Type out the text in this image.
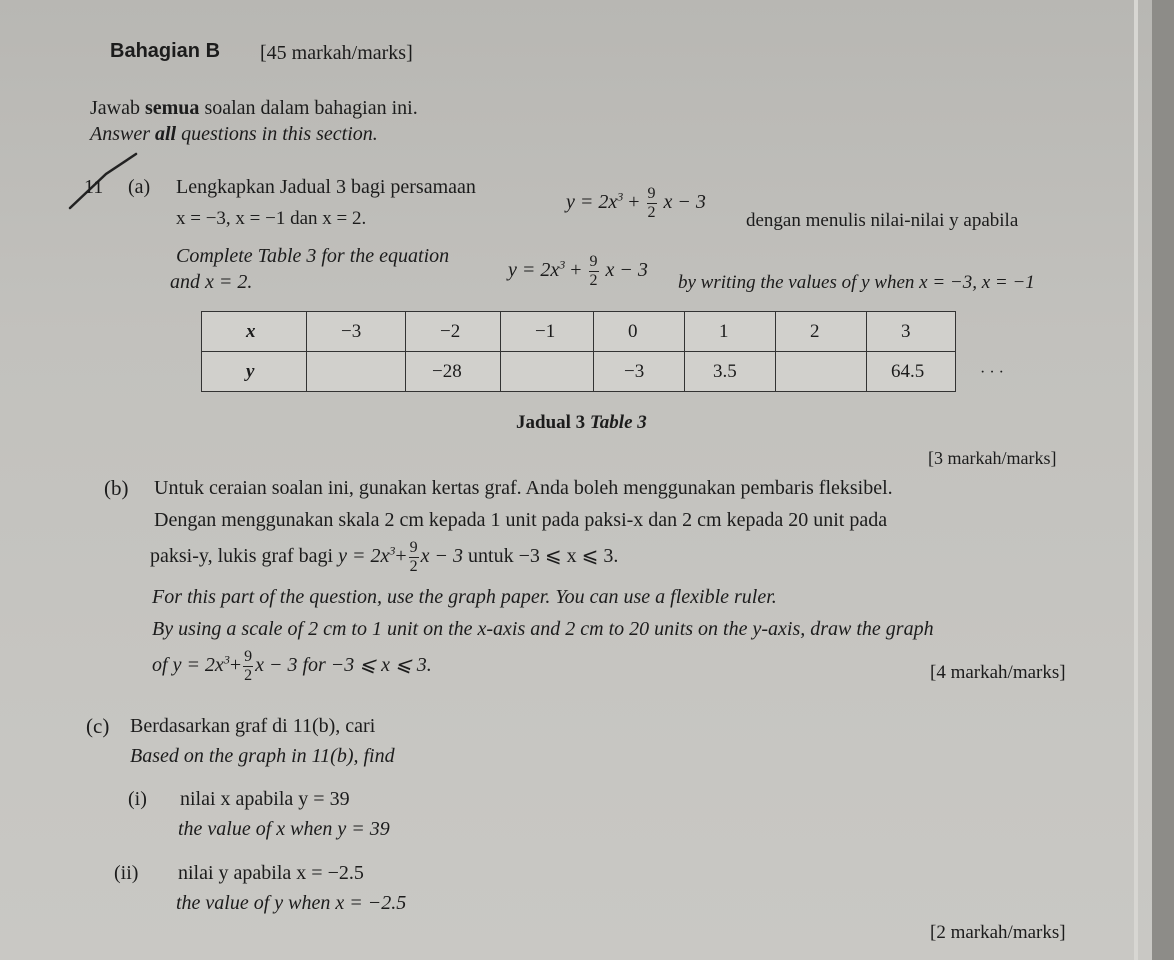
Bahagian B [45 markah/marks]
Jawab semua soalan dalam bahagian ini.
Answer all questions in this section.
11 (a) Lengkapkan Jadual 3 bagi persamaan
$y = 2x^3 + \frac{9}{2}$ x − 3
dengan menulis nilai-nilai y apabila
x = −3, x = −1 dan x = 2.
Complete Table 3 for the equation
$y = 2x^3 + \frac{9}{2}$ x − 3
by writing the values of y when x = −3, x = −1
and x = 2.
x	−3	−2	−1	0	1	2	3

y		−28		−3	3.5		64.5	· · ·
Jadual 3 Table 3
[3 markah/marks]
(b) Untuk ceraian soalan ini, gunakan kertas graf. Anda boleh menggunakan pembaris fleksibel.
Dengan menggunakan skala 2 cm kepada 1 unit pada paksi-x dan 2 cm kepada 20 unit pada
paksi-y, lukis graf bagi $y = 2x^3+ \frac{9}{2}$ x − 3 untuk −3 ⩽ x ⩽ 3.
For this part of the question, use the graph paper. You can use a flexible ruler.
By using a scale of 2 cm to 1 unit on the x-axis and 2 cm to 20 units on the y-axis, draw the graph
of $y = 2x^3+ \frac{9}{2}$ x − 3 for −3 ⩽ x ⩽ 3.	[4 markah/marks]
(c) Berdasarkan graf di 11(b), cari
Based on the graph in 11(b), find
(i) nilai x apabila y = 39
the value of x when y = 39
(ii) nilai y apabila x = −2.5
the value of y when x = −2.5
[2 markah/marks]
